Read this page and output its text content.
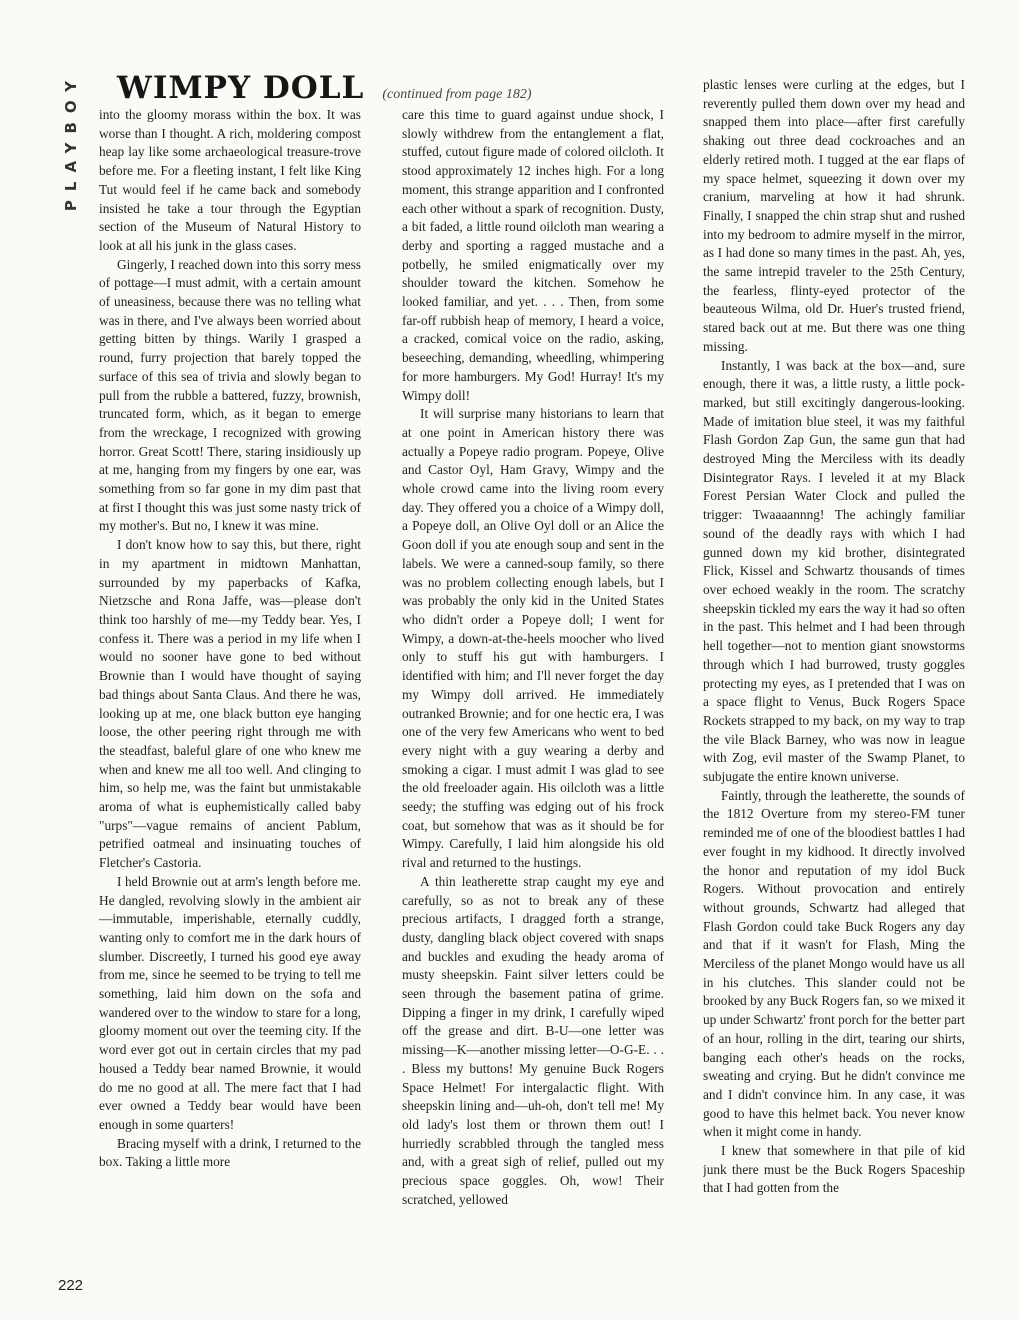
PLAYBOY WIMPY DOLL (continued from page 182)

into the gloomy morass within the box. It was worse than I thought. A rich, moldering compost heap lay like some archaeological treasure-trove before me. For a fleeting instant, I felt like King Tut would feel if he came back and somebody insisted he take a tour through the Egyptian section of the Museum of Natural History to look at all his junk in the glass cases.

Gingerly, I reached down into this sorry mess of pottage—I must admit, with a certain amount of uneasiness, because there was no telling what was in there, and I've always been worried about getting bitten by things. Warily I grasped a round, furry projection that barely topped the surface of this sea of trivia and slowly began to pull from the rubble a battered, fuzzy, brownish, truncated form, which, as it began to emerge from the wreckage, I recognized with growing horror. Great Scott! There, staring insidiously up at me, hanging from my fingers by one ear, was something from so far gone in my dim past that at first I thought this was just some nasty trick of my mother's. But no, I knew it was mine.

I don't know how to say this, but there, right in my apartment in midtown Manhattan, surrounded by my paperbacks of Kafka, Nietzsche and Rona Jaffe, was—please don't think too harshly of me—my Teddy bear. Yes, I confess it. There was a period in my life when I would no sooner have gone to bed without Brownie than I would have thought of saying bad things about Santa Claus. And there he was, looking up at me, one black button eye hanging loose, the other peering right through me with the steadfast, baleful glare of one who knew me when and knew me all too well. And clinging to him, so help me, was the faint but unmistakable aroma of what is euphemistically called baby "urps"—vague remains of ancient Pablum, petrified oatmeal and insinuating touches of Fletcher's Castoria.

I held Brownie out at arm's length before me. He dangled, revolving slowly in the ambient air—immutable, imperishable, eternally cuddly, wanting only to comfort me in the dark hours of slumber. Discreetly, I turned his good eye away from me, since he seemed to be trying to tell me something, laid him down on the sofa and wandered over to the window to stare for a long, gloomy moment out over the teeming city. If the word ever got out in certain circles that my pad housed a Teddy bear named Brownie, it would do me no good at all. The mere fact that I had ever owned a Teddy bear would have been enough in some quarters!

Bracing myself with a drink, I returned to the box. Taking a little more

care this time to guard against undue shock, I slowly withdrew from the entanglement a flat, stuffed, cutout figure made of colored oilcloth. It stood approximately 12 inches high. For a long moment, this strange apparition and I confronted each other without a spark of recognition. Dusty, a bit faded, a little round oilcloth man wearing a derby and sporting a ragged mustache and a potbelly, he smiled enigmatically over my shoulder toward the kitchen. Somehow he looked familiar, and yet. . . . Then, from some far-off rubbish heap of memory, I heard a voice, a cracked, comical voice on the radio, asking, beseeching, demanding, wheedling, whimpering for more hamburgers. My God! Hurray! It's my Wimpy doll!

It will surprise many historians to learn that at one point in American history there was actually a Popeye radio program. Popeye, Olive and Castor Oyl, Ham Gravy, Wimpy and the whole crowd came into the living room every day. They offered you a choice of a Wimpy doll, a Popeye doll, an Olive Oyl doll or an Alice the Goon doll if you ate enough soup and sent in the labels. We were a canned-soup family, so there was no problem collecting enough labels, but I was probably the only kid in the United States who didn't order a Popeye doll; I went for Wimpy, a down-at-the-heels moocher who lived only to stuff his gut with hamburgers. I identified with him; and I'll never forget the day my Wimpy doll arrived. He immediately outranked Brownie; and for one hectic era, I was one of the very few Americans who went to bed every night with a guy wearing a derby and smoking a cigar. I must admit I was glad to see the old freeloader again. His oilcloth was a little seedy; the stuffing was edging out of his frock coat, but somehow that was as it should be for Wimpy. Carefully, I laid him alongside his old rival and returned to the hustings.

A thin leatherette strap caught my eye and carefully, so as not to break any of these precious artifacts, I dragged forth a strange, dusty, dangling black object covered with snaps and buckles and exuding the heady aroma of musty sheepskin. Faint silver letters could be seen through the basement patina of grime. Dipping a finger in my drink, I carefully wiped off the grease and dirt. B-U—one letter was missing—K—another missing letter—O-G-E. . . . Bless my buttons! My genuine Buck Rogers Space Helmet! For intergalactic flight. With sheepskin lining and—uh-oh, don't tell me! My old lady's lost them or thrown them out! I hurriedly scrabbled through the tangled mess and, with a great sigh of relief, pulled out my precious space goggles. Oh, wow! Their scratched, yellowed

plastic lenses were curling at the edges, but I reverently pulled them down over my head and snapped them into place—after first carefully shaking out three dead cockroaches and an elderly retired moth. I tugged at the ear flaps of my space helmet, squeezing it down over my cranium, marveling at how it had shrunk. Finally, I snapped the chin strap shut and rushed into my bedroom to admire myself in the mirror, as I had done so many times in the past. Ah, yes, the same intrepid traveler to the 25th Century, the fearless, flinty-eyed protector of the beauteous Wilma, old Dr. Huer's trusted friend, stared back out at me. But there was one thing missing.

Instantly, I was back at the box—and, sure enough, there it was, a little rusty, a little pock-marked, but still excitingly dangerous-looking. Made of imitation blue steel, it was my faithful Flash Gordon Zap Gun, the same gun that had destroyed Ming the Merciless with its deadly Disintegrator Rays. I leveled it at my Black Forest Persian Water Clock and pulled the trigger: Twaaaannng! The achingly familiar sound of the deadly rays with which I had gunned down my kid brother, disintegrated Flick, Kissel and Schwartz thousands of times over echoed weakly in the room. The scratchy sheepskin tickled my ears the way it had so often in the past. This helmet and I had been through hell together—not to mention giant snowstorms through which I had burrowed, trusty goggles protecting my eyes, as I pretended that I was on a space flight to Venus, Buck Rogers Space Rockets strapped to my back, on my way to trap the vile Black Barney, who was now in league with Zog, evil master of the Swamp Planet, to subjugate the entire known universe.

Faintly, through the leatherette, the sounds of the 1812 Overture from my stereo-FM tuner reminded me of one of the bloodiest battles I had ever fought in my kidhood. It directly involved the honor and reputation of my idol Buck Rogers. Without provocation and entirely without grounds, Schwartz had alleged that Flash Gordon could take Buck Rogers any day and that if it wasn't for Flash, Ming the Merciless of the planet Mongo would have us all in his clutches. This slander could not be brooked by any Buck Rogers fan, so we mixed it up under Schwartz' front porch for the better part of an hour, rolling in the dirt, tearing our shirts, banging each other's heads on the rocks, sweating and crying. But he didn't convince me and I didn't convince him. In any case, it was good to have this helmet back. You never know when it might come in handy.

I knew that somewhere in that pile of kid junk there must be the Buck Rogers Spaceship that I had gotten from the

222
